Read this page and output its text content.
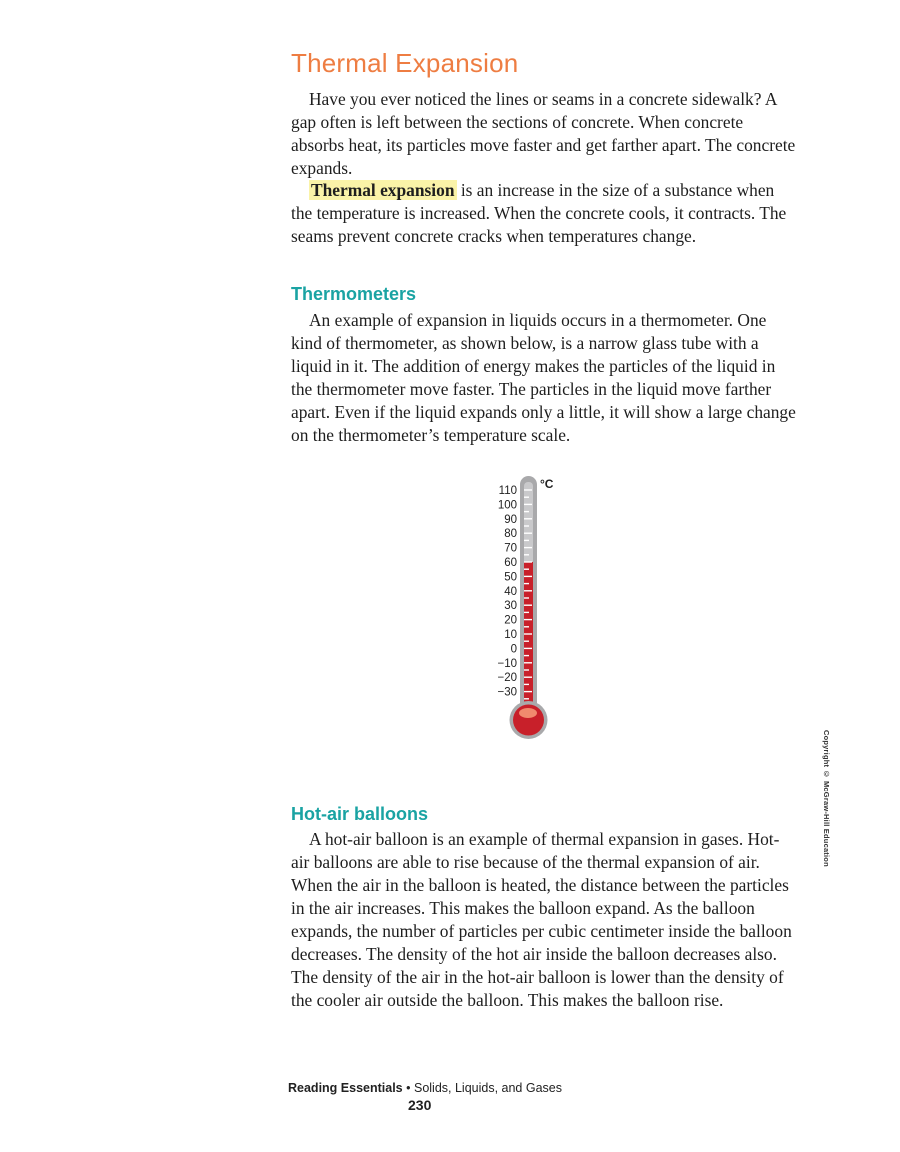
Thermal Expansion

Have you ever noticed the lines or seams in a concrete sidewalk? A gap often is left between the sections of concrete. When concrete absorbs heat, its particles move faster and get farther apart. The concrete expands.

Thermal expansion is an increase in the size of a substance when the temperature is increased. When the concrete cools, it contracts. The seams prevent concrete cracks when temperatures change.

Thermometers

An example of expansion in liquids occurs in a thermometer. One kind of thermometer, as shown below, is a narrow glass tube with a liquid in it. The addition of energy makes the particles of the liquid in the thermometer move faster. The particles in the liquid move farther apart. Even if the liquid expands only a little, it will show a large change on the thermometer’s temperature scale.

110
100
90
80
70
60
50
40
30
20
10
0
−10
−20
−30
°C
Hot-air balloons

A hot-air balloon is an example of thermal expansion in gases. Hot-air balloons are able to rise because of the thermal expansion of air. When the air in the balloon is heated, the distance between the particles in the air increases. This makes the balloon expand. As the balloon expands, the number of particles per cubic centimeter inside the balloon decreases. The density of the hot air inside the balloon decreases also. The density of the air in the hot-air balloon is lower than the density of the cooler air outside the balloon. This makes the balloon rise.

Copyright © McGraw-Hill Education
Reading Essentials • Solids, Liquids, and Gases
230
